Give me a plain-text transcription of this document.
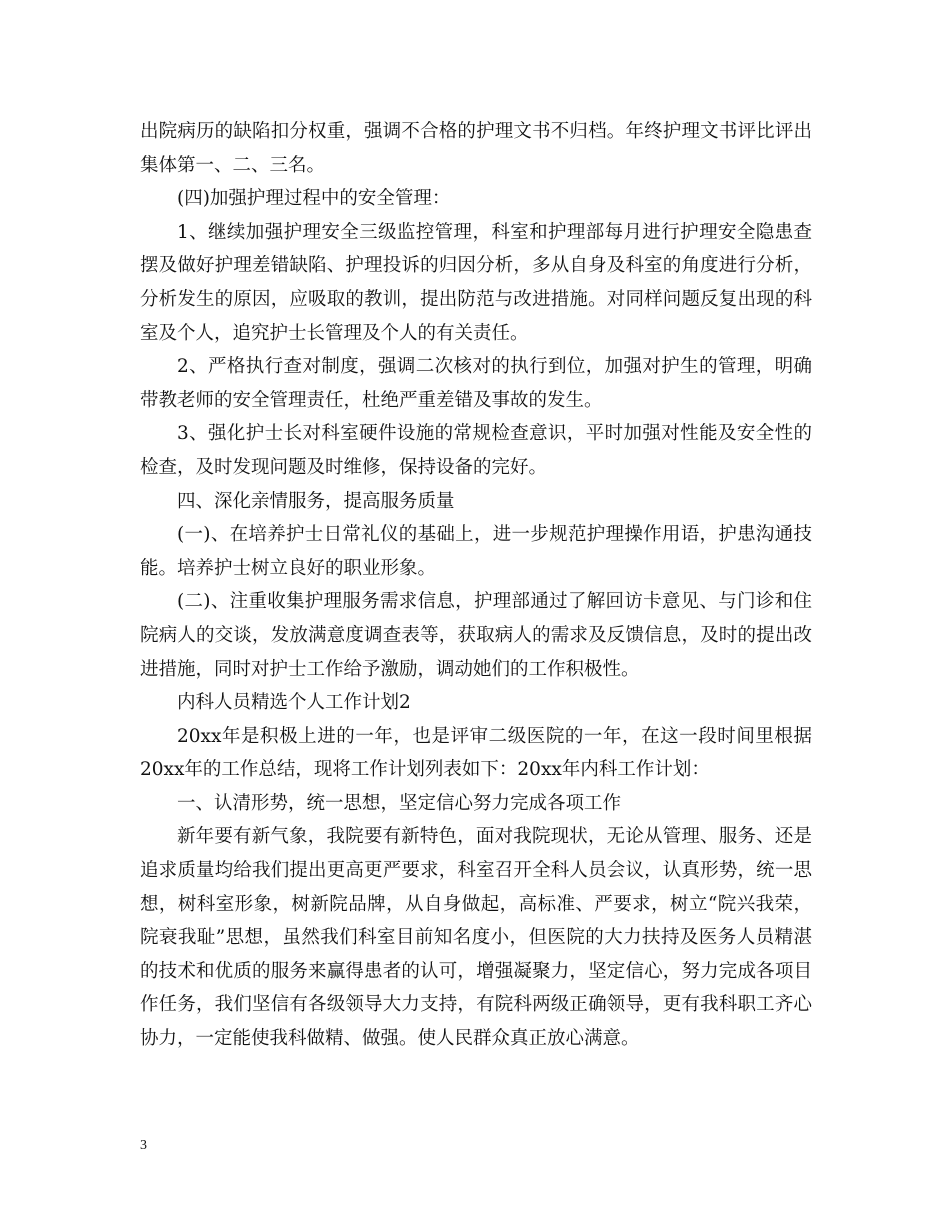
出院病历的缺陷扣分权重，强调不合格的护理文书不归档。年终护理文书评比评出集体第一、二、三名。

(四)加强护理过程中的安全管理：

1、继续加强护理安全三级监控管理，科室和护理部每月进行护理安全隐患查摆及做好护理差错缺陷、护理投诉的归因分析，多从自身及科室的角度进行分析，分析发生的原因，应吸取的教训，提出防范与改进措施。对同样问题反复出现的科室及个人，追究护士长管理及个人的有关责任。

2、严格执行查对制度，强调二次核对的执行到位，加强对护生的管理，明确带教老师的安全管理责任，杜绝严重差错及事故的发生。

3、强化护士长对科室硬件设施的常规检查意识，平时加强对性能及安全性的检查，及时发现问题及时维修，保持设备的完好。

四、深化亲情服务，提高服务质量

(一)、在培养护士日常礼仪的基础上，进一步规范护理操作用语，护患沟通技能。培养护士树立良好的职业形象。

(二)、注重收集护理服务需求信息，护理部通过了解回访卡意见、与门诊和住院病人的交谈，发放满意度调查表等，获取病人的需求及反馈信息，及时的提出改进措施，同时对护士工作给予激励，调动她们的工作积极性。

内科人员精选个人工作计划2

20xx年是积极上进的一年，也是评审二级医院的一年，在这一段时间里根据20xx年的工作总结，现将工作计划列表如下：20xx年内科工作计划：

一、认清形势，统一思想，坚定信心努力完成各项工作

新年要有新气象，我院要有新特色，面对我院现状，无论从管理、服务、还是追求质量均给我们提出更高更严要求，科室召开全科人员会议，认真形势，统一思想，树科室形象，树新院品牌，从自身做起，高标准、严要求，树立“院兴我荣，院衰我耻”思想，虽然我们科室目前知名度小，但医院的大力扶持及医务人员精湛的技术和优质的服务来赢得患者的认可，增强凝聚力，坚定信心，努力完成各项目作任务，我们坚信有各级领导大力支持，有院科两级正确领导，更有我科职工齐心协力，一定能使我科做精、做强。使人民群众真正放心满意。

3
